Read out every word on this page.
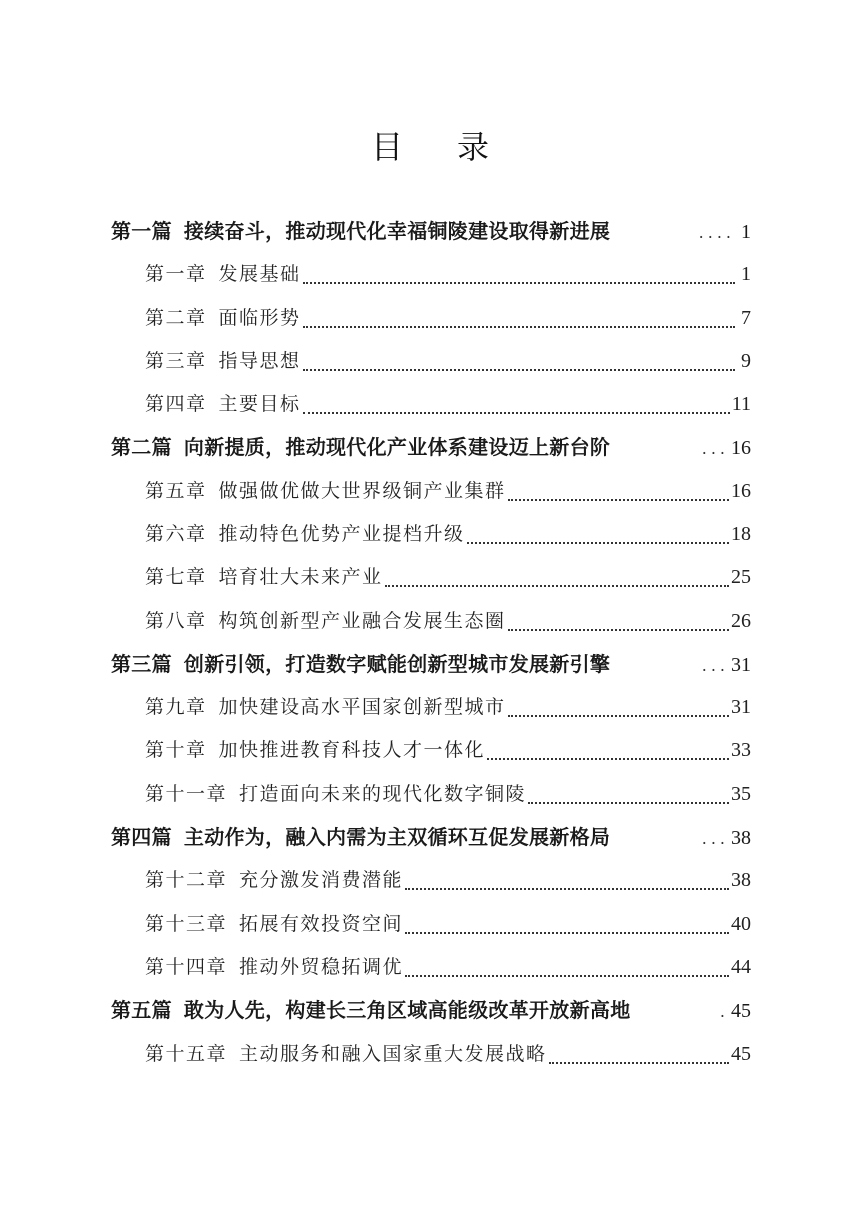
目 录
第一篇 接续奋斗，推动现代化幸福铜陵建设取得新进展	.... 1
第一章 发展基础	1
第二章 面临形势	7
第三章 指导思想	9
第四章 主要目标	11
第二篇 向新提质，推动现代化产业体系建设迈上新台阶	... 16
第五章 做强做优做大世界级铜产业集群	16
第六章 推动特色优势产业提档升级	18
第七章 培育壮大未来产业	25
第八章 构筑创新型产业融合发展生态圈	26
第三篇 创新引领，打造数字赋能创新型城市发展新引擎	... 31
第九章 加快建设高水平国家创新型城市	31
第十章 加快推进教育科技人才一体化	33
第十一章 打造面向未来的现代化数字铜陵	35
第四篇 主动作为，融入内需为主双循环互促发展新格局	... 38
第十二章 充分激发消费潜能	38
第十三章 拓展有效投资空间	40
第十四章 推动外贸稳拓调优	44
第五篇 敢为人先，构建长三角区域高能级改革开放新高地	. 45
第十五章 主动服务和融入国家重大发展战略	45
